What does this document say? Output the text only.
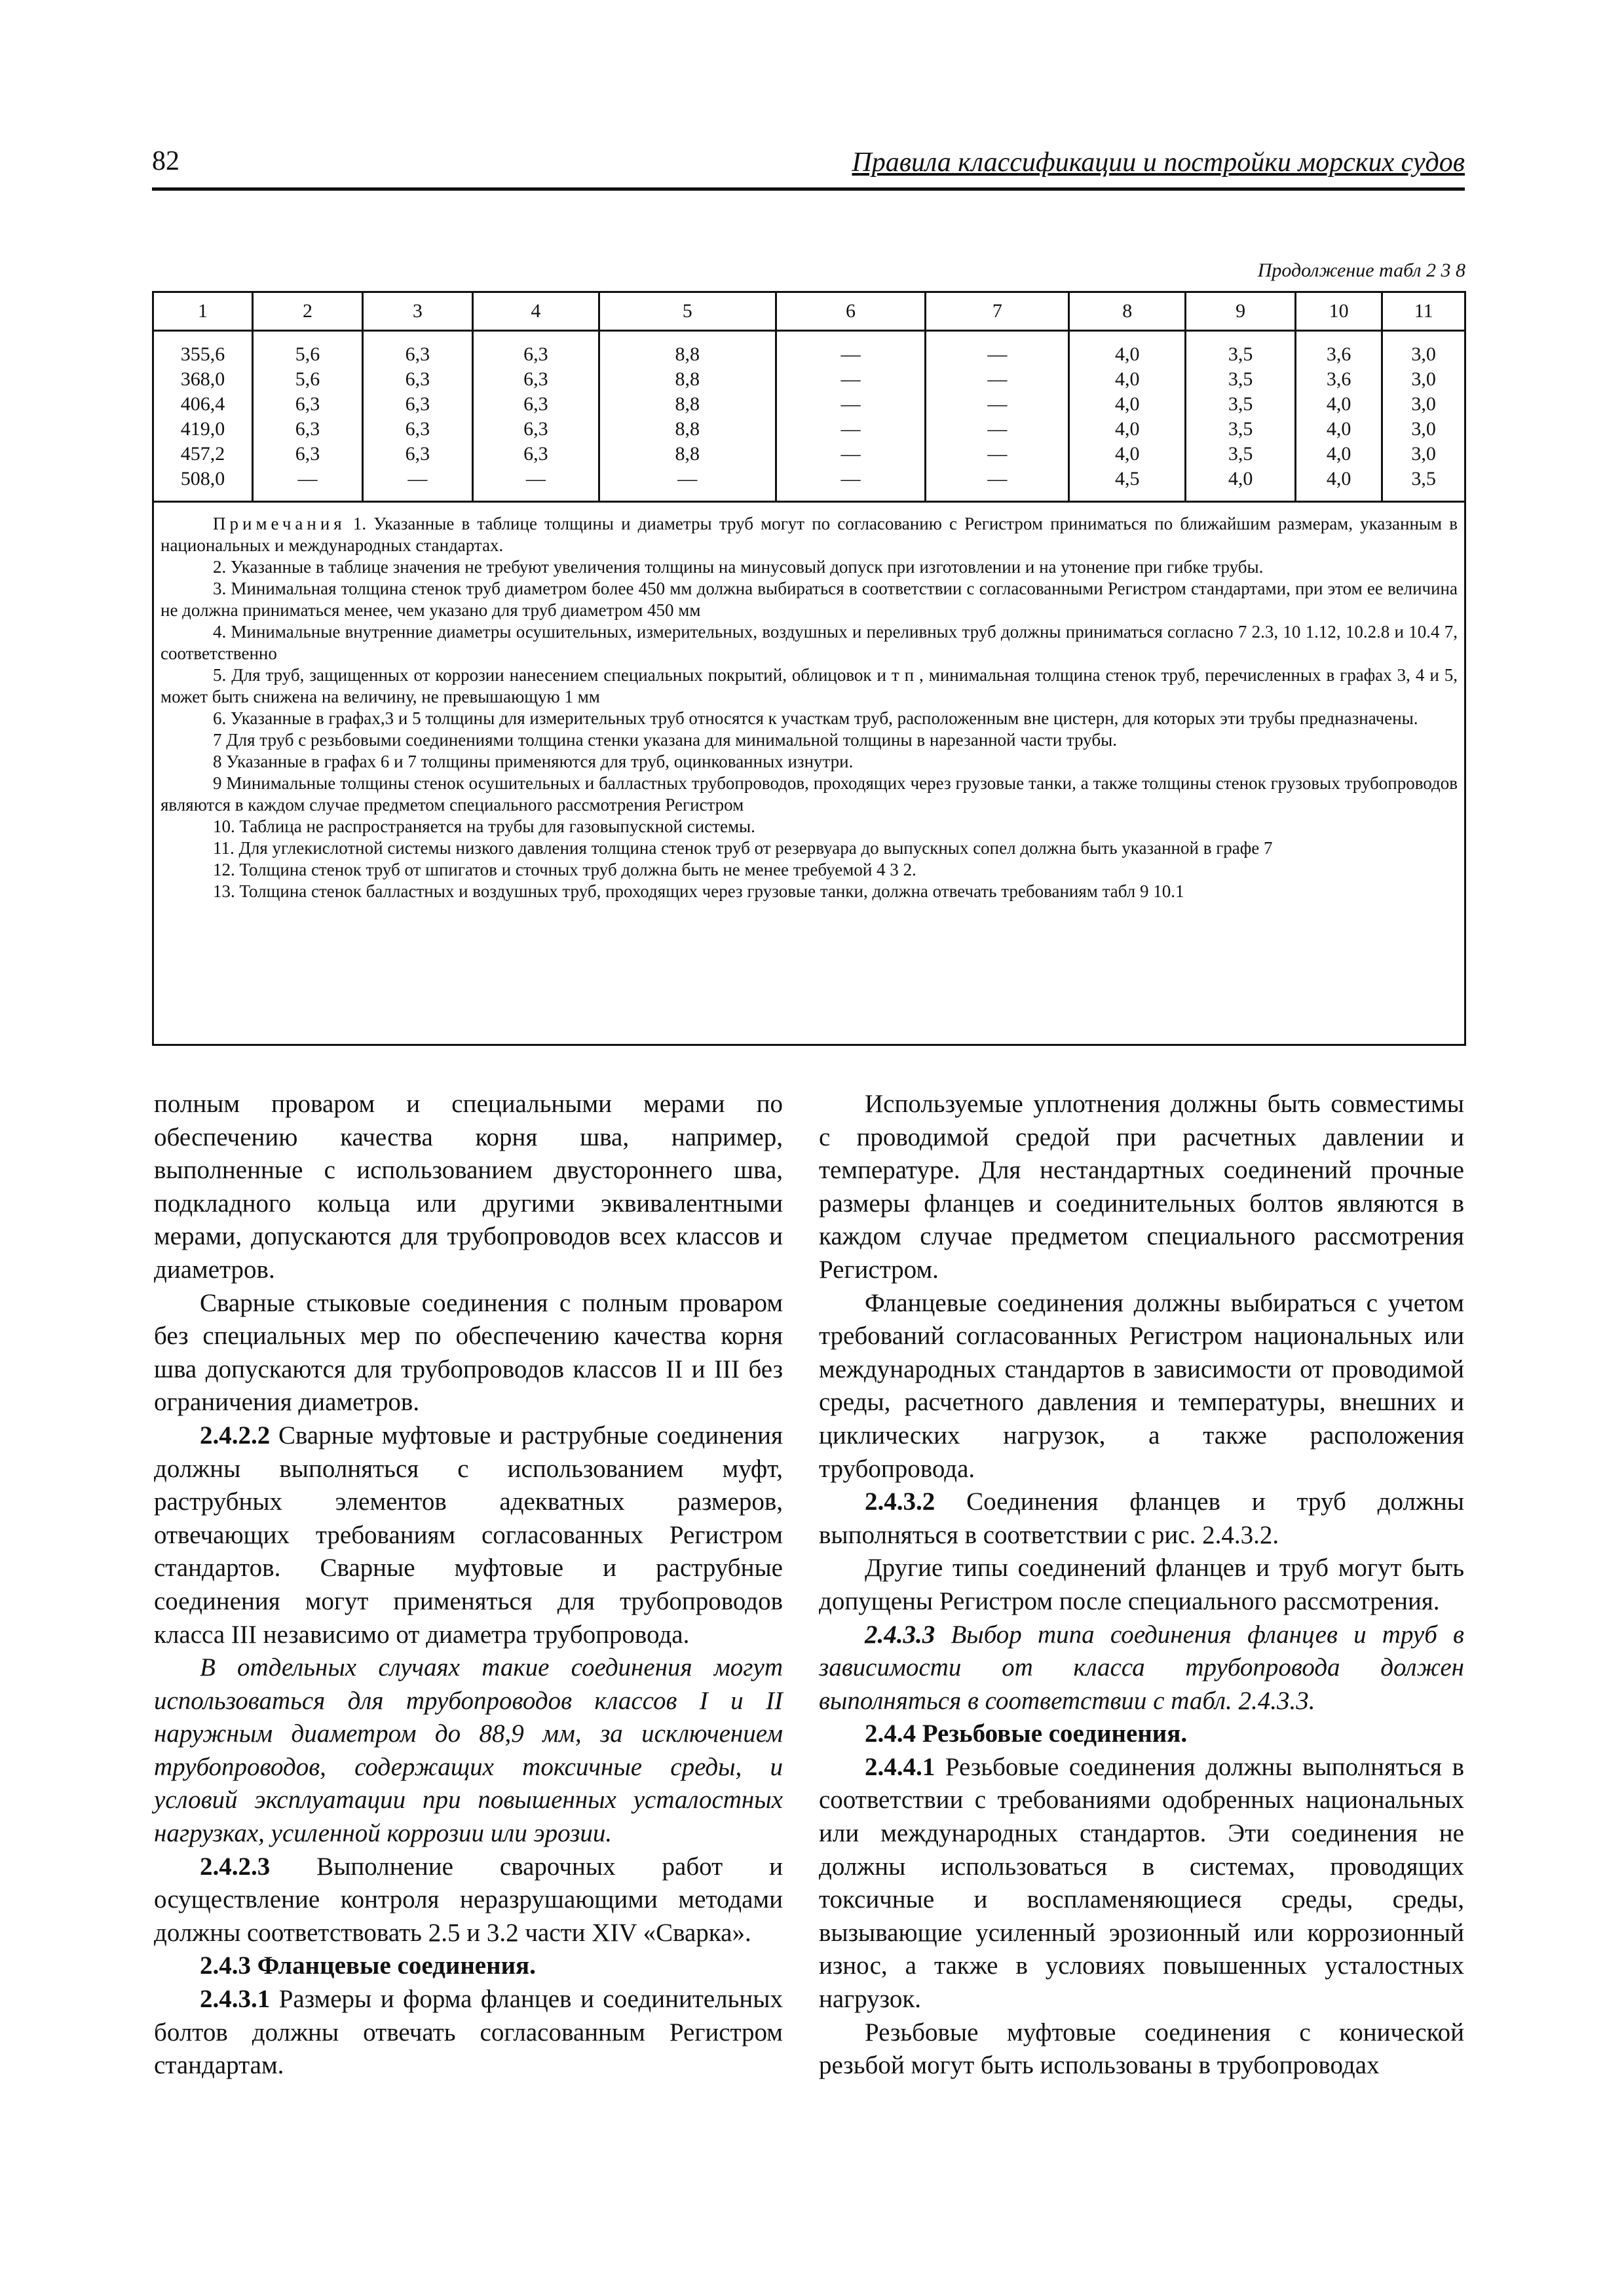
82	Правила классификации и постройки морских судов
Продолжение табл 2 3 8
1	2	3	4	5	6	7	8	9	10	11
355,6	5,6	6,3	6,3	8,8	—	—	4,0	3,5	3,6	3,0
368,0	5,6	6,3	6,3	8,8	—	—	4,0	3,5	3,6	3,0
406,4	6,3	6,3	6,3	8,8	—	—	4,0	3,5	4,0	3,0
419,0	6,3	6,3	6,3	8,8	—	—	4,0	3,5	4,0	3,0
457,2	6,3	6,3	6,3	8,8	—	—	4,0	3,5	4,0	3,0
508,0	—	—	—	—	—	—	4,5	4,0	4,0	3,5

Примечания 1. Указанные в таблице толщины и диаметры труб могут по согласованию с Регистром приниматься по ближайшим размерам, указанным в национальных и международных стандартах.

2. Указанные в таблице значения не требуют увеличения толщины на минусовый допуск при изготовлении и на утонение при гибке трубы.

3. Минимальная толщина стенок труб диаметром более 450 мм должна выбираться в соответствии с согласованными Регистром стандартами, при этом ее величина не должна приниматься менее, чем указано для труб диаметром 450 мм

4. Минимальные внутренние диаметры осушительных, измерительных, воздушных и переливных труб должны приниматься согласно 7 2.3, 10 1.12, 10.2.8 и 10.4 7, соответственно

5. Для труб, защищенных от коррозии нанесением специальных покрытий, облицовок и т п , минимальная толщина стенок труб, перечисленных в графах 3, 4 и 5, может быть снижена на величину, не превышающую 1 мм

6. Указанные в графах,3 и 5 толщины для измерительных труб относятся к участкам труб, расположенным вне цистерн, для которых эти трубы предназначены.

7 Для труб с резьбовыми соединениями толщина стенки указана для минимальной толщины в нарезанной части трубы.

8 Указанные в графах 6 и 7 толщины применяются для труб, оцинкованных изнутри.

9 Минимальные толщины стенок осушительных и балластных трубопроводов, проходящих через грузовые танки, а также толщины стенок грузовых трубопроводов являются в каждом случае предметом специального рассмотрения Регистром

10. Таблица не распространяется на трубы для газовыпускной системы.

11. Для углекислотной системы низкого давления толщина стенок труб от резервуара до выпускных сопел должна быть указанной в графе 7

12. Толщина стенок труб от шпигатов и сточных труб должна быть не менее требуемой 4 3 2.

13. Толщина стенок балластных и воздушных труб, проходящих через грузовые танки, должна отвечать требованиям табл 9 10.1

полным проваром и специальными мерами по обеспечению качества корня шва, например, выполненные с использованием двустороннего шва, подкладного кольца или другими эквивалентными мерами, допускаются для трубопроводов всех классов и диаметров.

Сварные стыковые соединения с полным проваром без специальных мер по обеспечению качества корня шва допускаются для трубопроводов классов II и III без ограничения диаметров.

2.4.2.2 Сварные муфтовые и раструбные соединения должны выполняться с использованием муфт, раструбных элементов адекватных размеров, отвечающих требованиям согласованных Регистром стандартов. Сварные муфтовые и раструбные соединения могут применяться для трубопроводов класса III независимо от диаметра трубопровода.

В отдельных случаях такие соединения могут использоваться для трубопроводов классов I и II наружным диаметром до 88,9 мм, за исключением трубопроводов, содержащих токсичные среды, и условий эксплуатации при повышенных усталостных нагрузках, усиленной коррозии или эрозии.

2.4.2.3 Выполнение сварочных работ и осуществление контроля неразрушающими методами должны соответствовать 2.5 и 3.2 части XIV «Сварка».

2.4.3 Фланцевые соединения.

2.4.3.1 Размеры и форма фланцев и соединительных болтов должны отвечать согласованным Регистром стандартам.

Используемые уплотнения должны быть совместимы с проводимой средой при расчетных давлении и температуре. Для нестандартных соединений прочные размеры фланцев и соединительных болтов являются в каждом случае предметом специального рассмотрения Регистром.

Фланцевые соединения должны выбираться с учетом требований согласованных Регистром национальных или международных стандартов в зависимости от проводимой среды, расчетного давления и температуры, внешних и циклических нагрузок, а также расположения трубопровода.

2.4.3.2 Соединения фланцев и труб должны выполняться в соответствии с рис. 2.4.3.2.

Другие типы соединений фланцев и труб могут быть допущены Регистром после специального рассмотрения.

2.4.3.3 Выбор типа соединения фланцев и труб в зависимости от класса трубопровода должен выполняться в соответствии с табл. 2.4.3.3.

2.4.4 Резьбовые соединения.

2.4.4.1 Резьбовые соединения должны выполняться в соответствии с требованиями одобренных национальных или международных стандартов. Эти соединения не должны использоваться в системах, проводящих токсичные и воспламеняющиеся среды, среды, вызывающие усиленный эрозионный или коррозионный износ, а также в условиях повышенных усталостных нагрузок.

Резьбовые муфтовые соединения с конической резьбой могут быть использованы в трубопроводах
